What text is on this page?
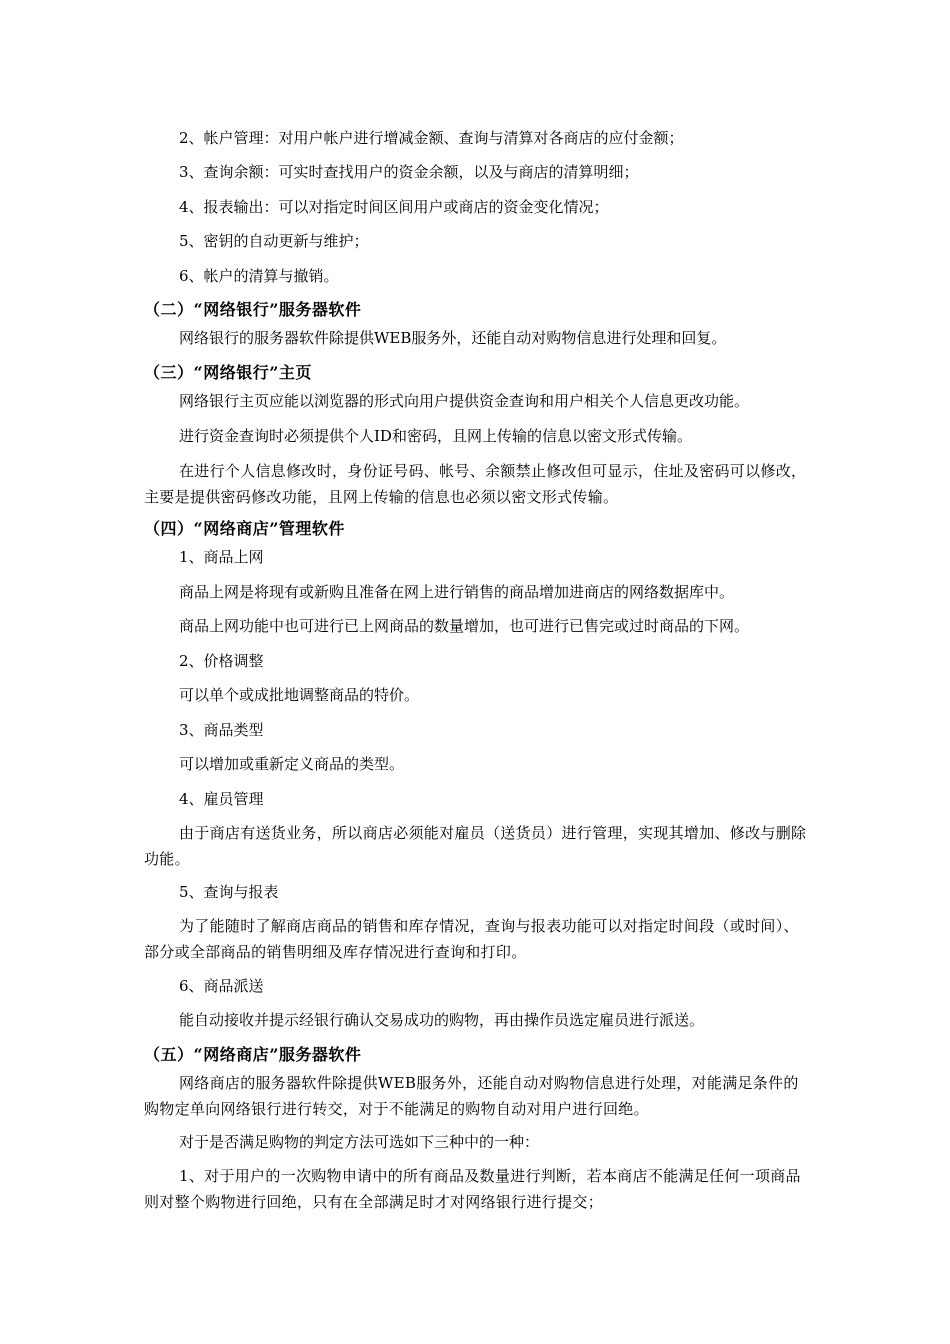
2、帐户管理：对用户帐户进行增减金额、查询与清算对各商店的应付金额；
3、查询余额：可实时查找用户的资金余额，以及与商店的清算明细；
4、报表输出：可以对指定时间区间用户或商店的资金变化情况；
5、密钥的自动更新与维护；
6、帐户的清算与撤销。
（二）“网络银行”服务器软件
网络银行的服务器软件除提供WEB服务外，还能自动对购物信息进行处理和回复。
（三）“网络银行”主页
网络银行主页应能以浏览器的形式向用户提供资金查询和用户相关个人信息更改功能。
进行资金查询时必须提供个人ID和密码，且网上传输的信息以密文形式传输。
在进行个人信息修改时，身份证号码、帐号、余额禁止修改但可显示，住址及密码可以修改，主要是提供密码修改功能，且网上传输的信息也必须以密文形式传输。
（四）“网络商店”管理软件
1、商品上网
商品上网是将现有或新购且准备在网上进行销售的商品增加进商店的网络数据库中。
商品上网功能中也可进行已上网商品的数量增加，也可进行已售完或过时商品的下网。
2、价格调整
可以单个或成批地调整商品的特价。
3、商品类型
可以增加或重新定义商品的类型。
4、雇员管理
由于商店有送货业务，所以商店必须能对雇员（送货员）进行管理，实现其增加、修改与删除功能。
5、查询与报表
为了能随时了解商店商品的销售和库存情况，查询与报表功能可以对指定时间段（或时间）、部分或全部商品的销售明细及库存情况进行查询和打印。
6、商品派送
能自动接收并提示经银行确认交易成功的购物，再由操作员选定雇员进行派送。
（五）“网络商店”服务器软件
网络商店的服务器软件除提供WEB服务外，还能自动对购物信息进行处理，对能满足条件的购物定单向网络银行进行转交，对于不能满足的购物自动对用户进行回绝。
对于是否满足购物的判定方法可选如下三种中的一种：
1、对于用户的一次购物申请中的所有商品及数量进行判断，若本商店不能满足任何一项商品则对整个购物进行回绝，只有在全部满足时才对网络银行进行提交；
